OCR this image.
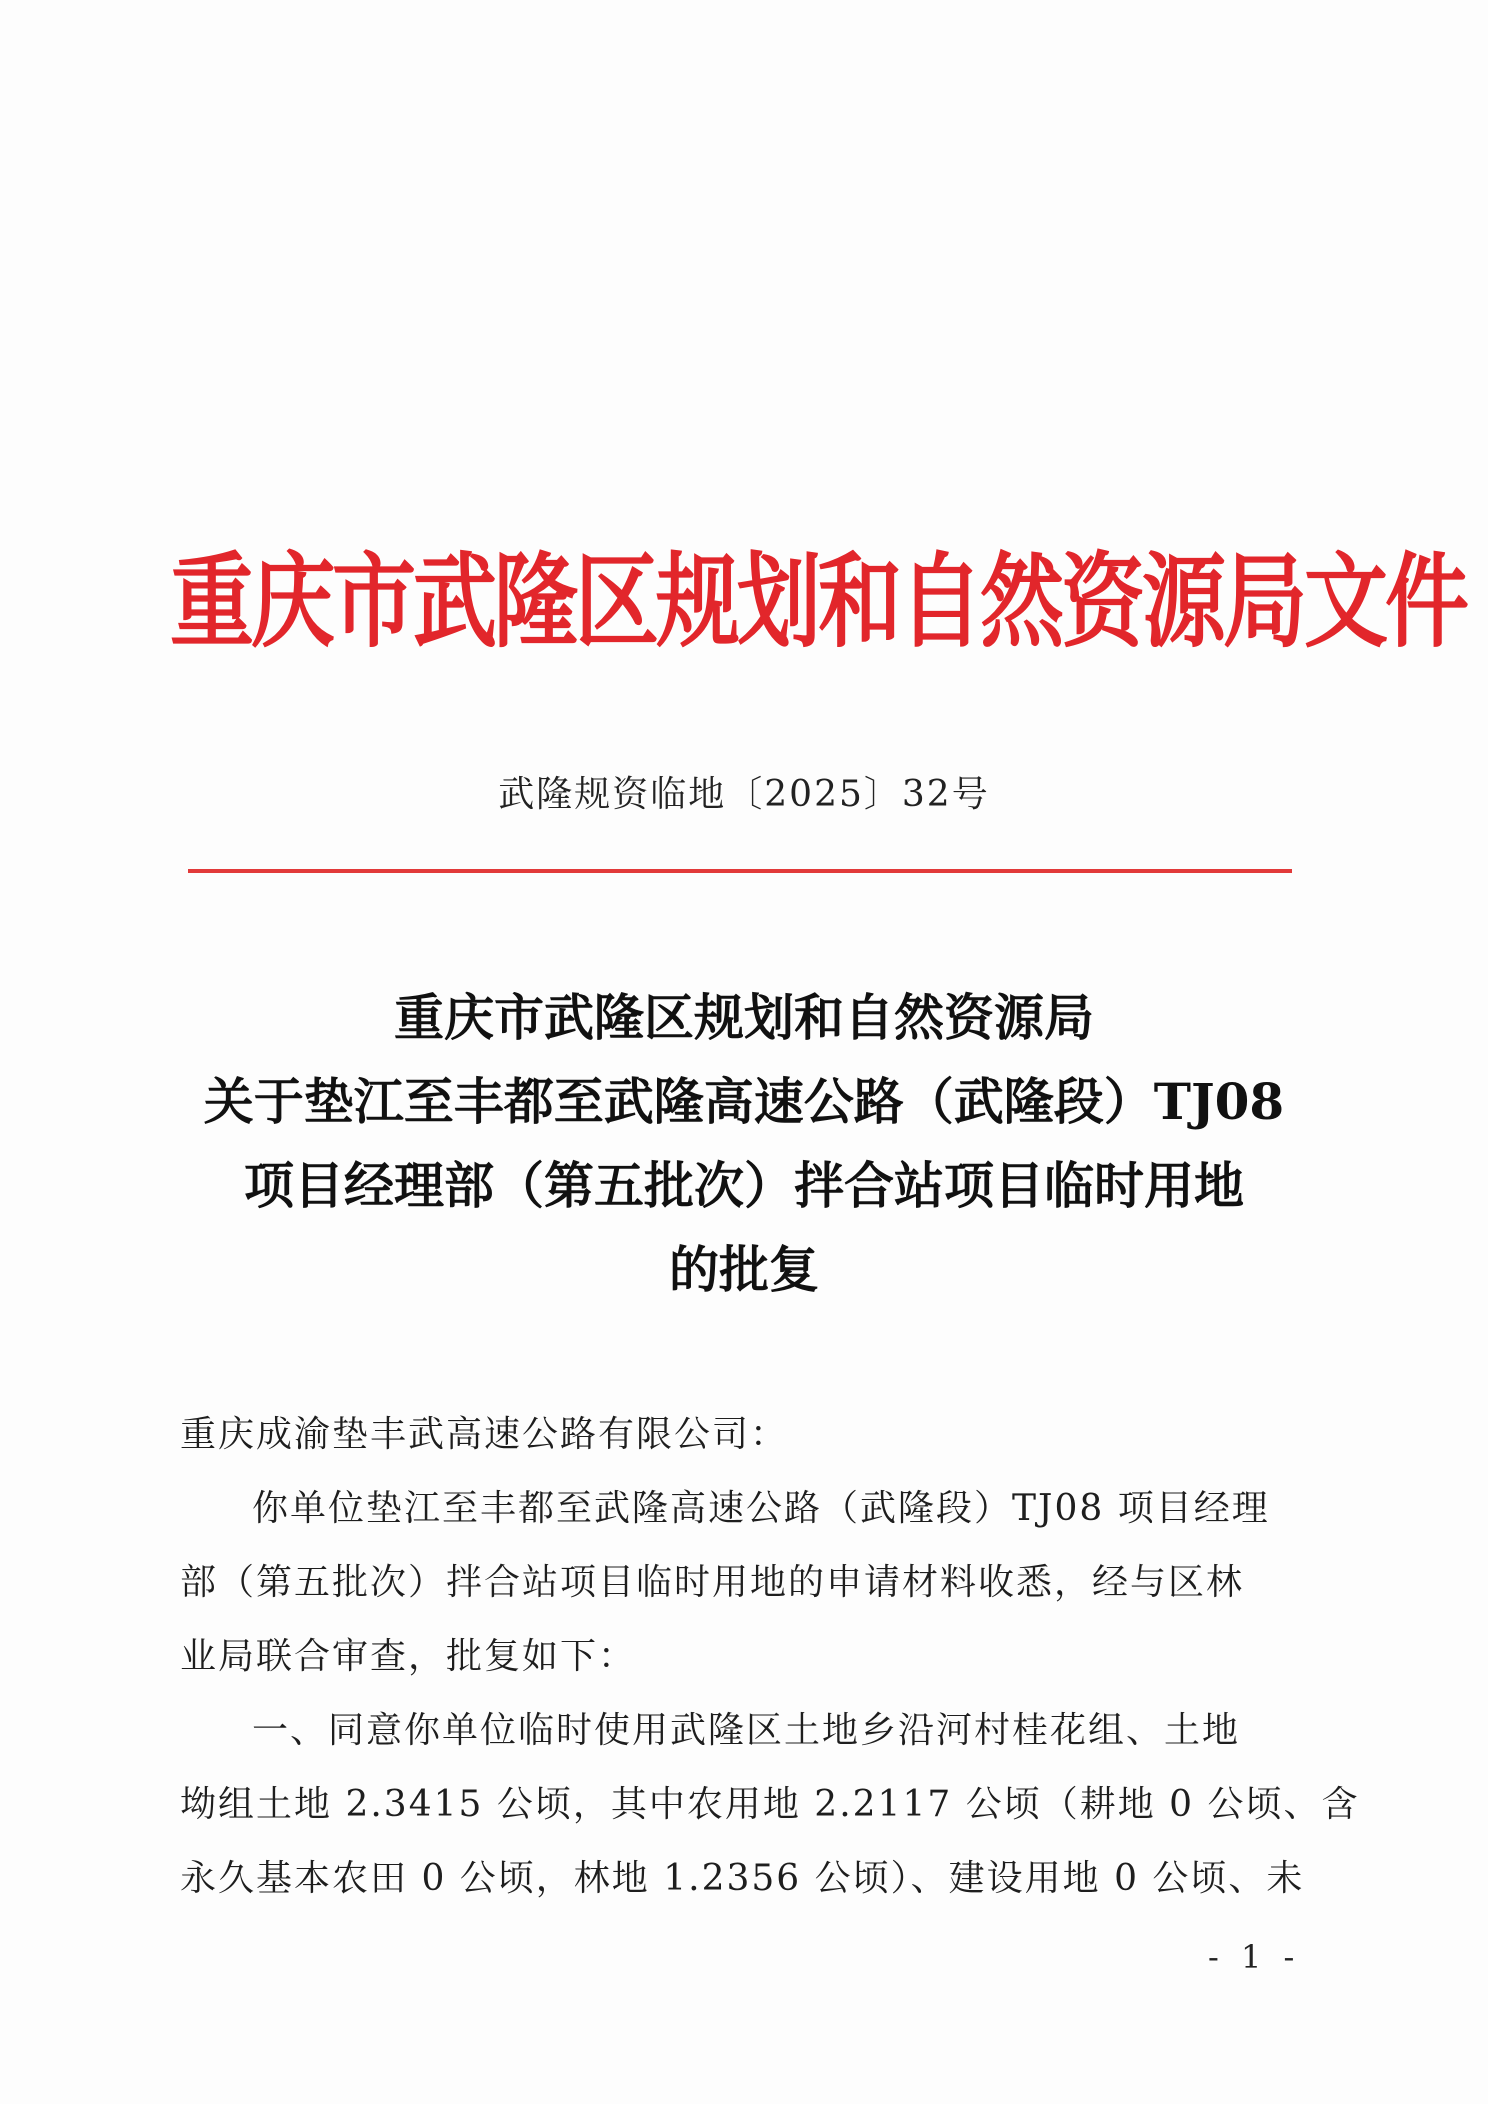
重庆市武隆区规划和自然资源局文件
武隆规资临地〔2025〕32号
重庆市武隆区规划和自然资源局
关于垫江至丰都至武隆高速公路（武隆段）TJ08
项目经理部（第五批次）拌合站项目临时用地
的批复

重庆成渝垫丰武高速公路有限公司：

你单位垫江至丰都至武隆高速公路（武隆段）TJ08 项目经理

部（第五批次）拌合站项目临时用地的申请材料收悉，经与区林

业局联合审查，批复如下：

一、同意你单位临时使用武隆区土地乡沿河村桂花组、土地

坳组土地 2.3415 公顷，其中农用地 2.2117 公顷（耕地 0 公顷、含

永久基本农田 0 公顷，林地 1.2356 公顷）、建设用地 0 公顷、未

- 1 -
